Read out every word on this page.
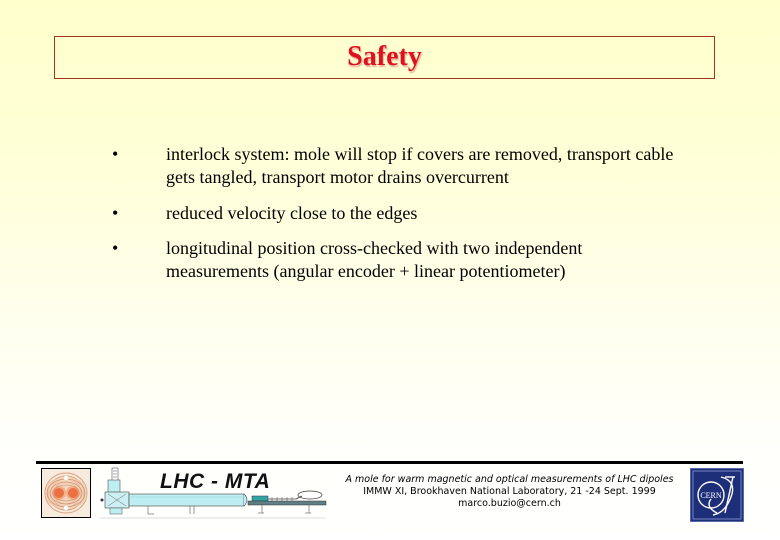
Safety
•	interlock system: mole will stop if covers are removed, transport cable
gets tangled, transport motor drains overcurrent
•	reduced velocity close to the edges
•	longitudinal position cross-checked with two independent
measurements (angular encoder + linear potentiometer)
LHC - MTA	A mole for warm magnetic and optical measurements of LHC dipoles
IMMW XI, Brookhaven National Laboratory, 21 -24 Sept. 1999
marco.buzio@cern.ch
CERN
